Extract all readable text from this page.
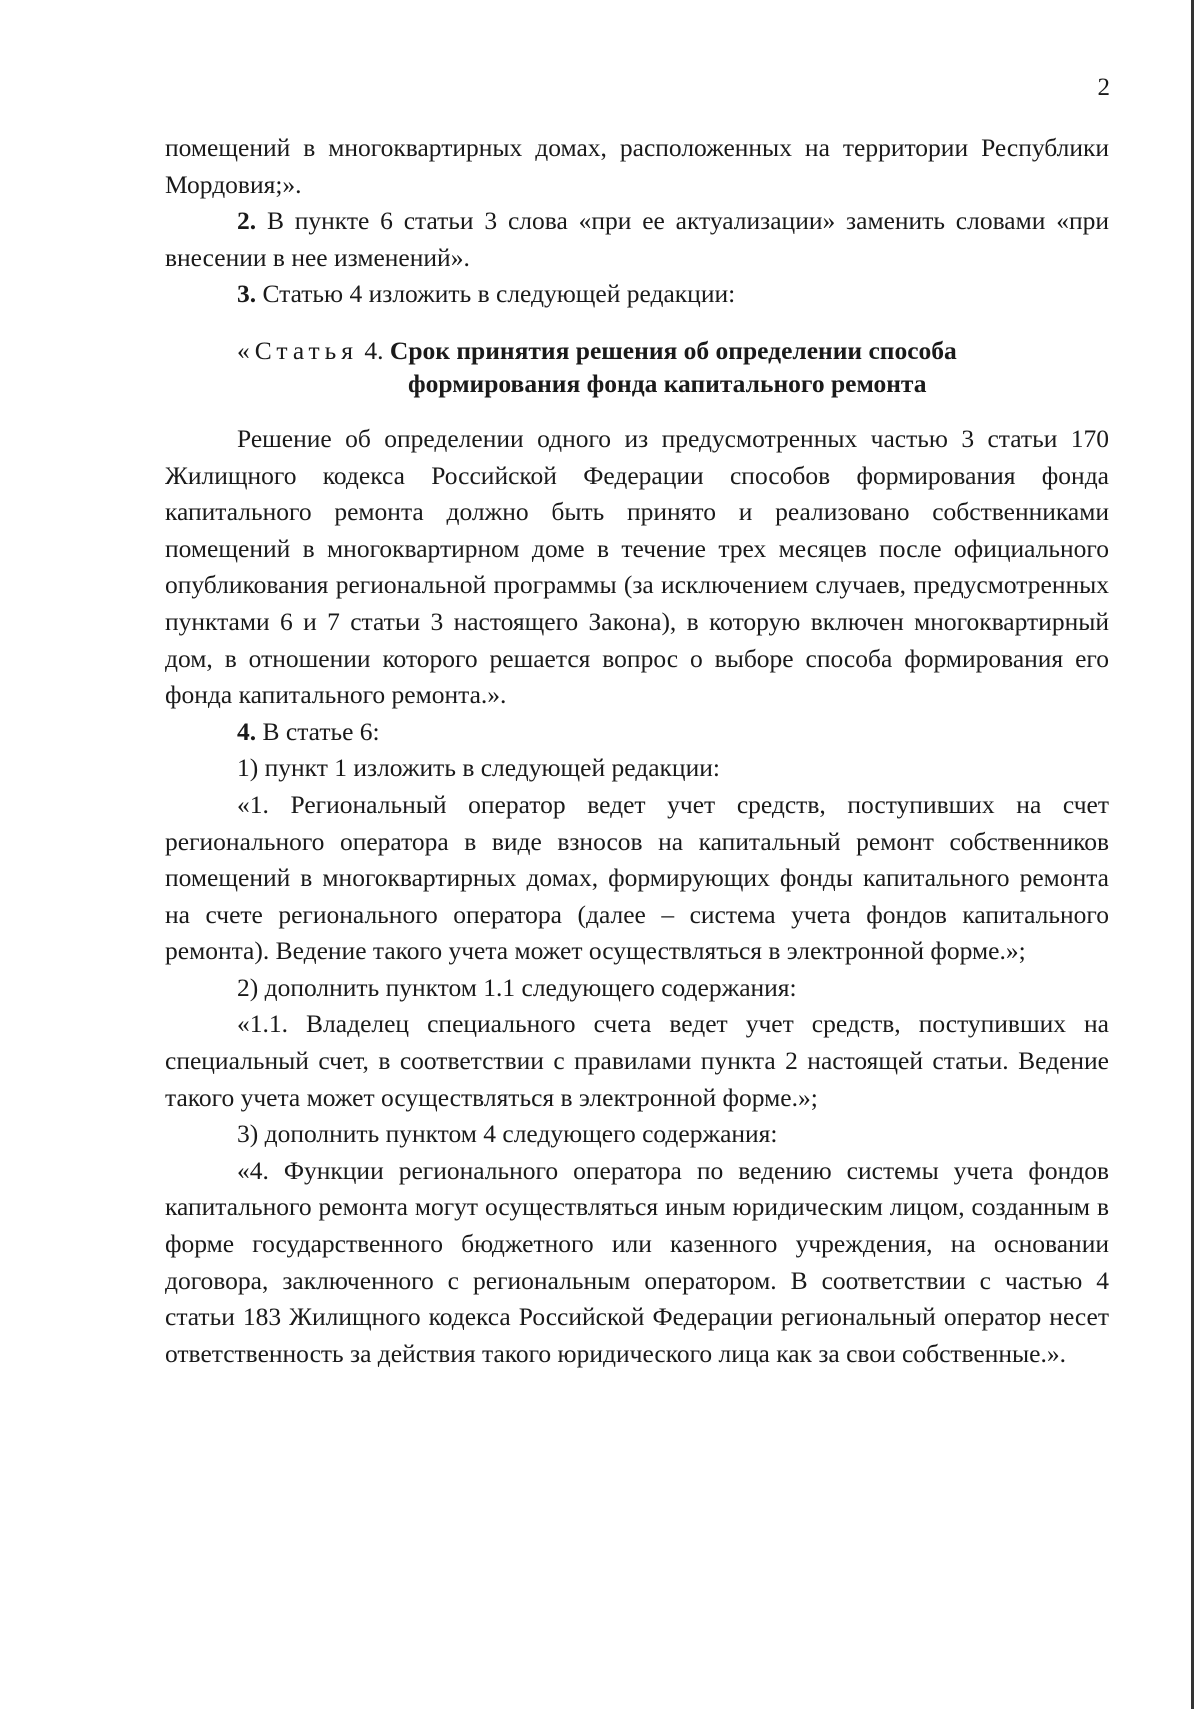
2

помещений в многоквартирных домах, расположенных на территории Республики Мордовия;».

2. В пункте 6 статьи 3 слова «при ее актуализации» заменить словами «при внесении в нее изменений».

3. Статью 4 изложить в следующей редакции:

«Статья 4. Срок принятия решения об определении способа
формирования фонда капитального ремонта

Решение об определении одного из предусмотренных частью 3 статьи 170 Жилищного кодекса Российской Федерации способов формирования фонда капитального ремонта должно быть принято и реализовано собственниками помещений в многоквартирном доме в течение трех месяцев после официального опубликования региональной программы (за исключением случаев, предусмотренных пунктами 6 и 7 статьи 3 настоящего Закона), в которую включен многоквартирный дом, в отношении которого решается вопрос о выборе способа формирования его фонда капитального ремонта.».

4. В статье 6:

1) пункт 1 изложить в следующей редакции:

«1. Региональный оператор ведет учет средств, поступивших на счет регионального оператора в виде взносов на капитальный ремонт собственников помещений в многоквартирных домах, формирующих фонды капитального ремонта на счете регионального оператора (далее – система учета фондов капитального ремонта). Ведение такого учета может осуществляться в электронной форме.»;

2) дополнить пунктом 1.1 следующего содержания:

«1.1. Владелец специального счета ведет учет средств, поступивших на специальный счет, в соответствии с правилами пункта 2 настоящей статьи. Ведение такого учета может осуществляться в электронной форме.»;

3) дополнить пунктом 4 следующего содержания:

«4. Функции регионального оператора по ведению системы учета фондов капитального ремонта могут осуществляться иным юридическим лицом, созданным в форме государственного бюджетного или казенного учреждения, на основании договора, заключенного с региональным оператором. В соответствии с частью 4 статьи 183 Жилищного кодекса Российской Федерации региональный оператор несет ответственность за действия такого юридического лица как за свои собственные.».
